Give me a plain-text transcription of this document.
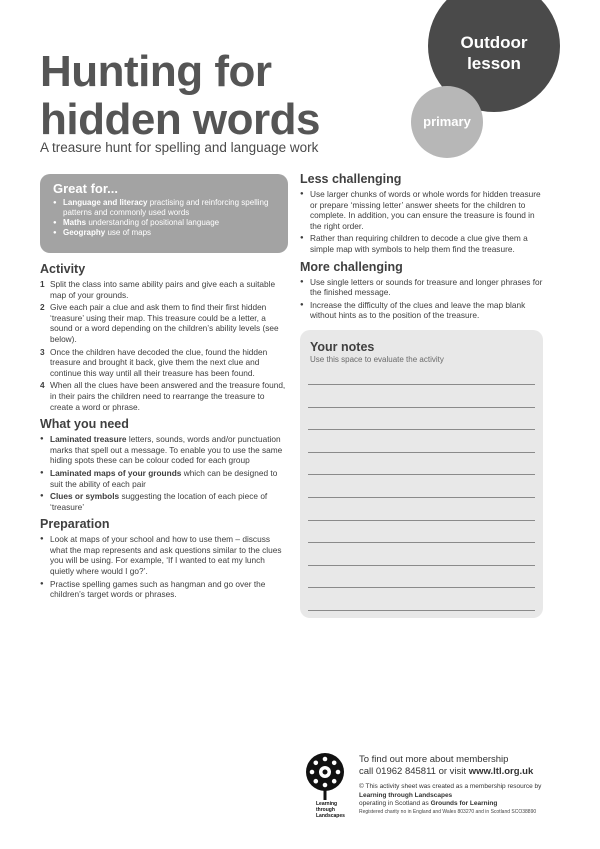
Hunting for
hidden words
A treasure hunt for spelling and language work
Outdoor
lesson
primary
Great for...
● Language and literacy practising and reinforcing spelling patterns and commonly used words
● Maths understanding of positional language
● Geography use of maps
Activity
1 Split the class into same ability pairs and give each a suitable map of your grounds.
2 Give each pair a clue and ask them to find their first hidden ‘treasure’ using their map. This treasure could be a letter, a sound or a word depending on the children’s ability levels (see below).
3 Once the children have decoded the clue, found the hidden treasure and brought it back, give them the next clue and continue this way until all their treasure has been found.
4 When all the clues have been answered and the treasure found, in their pairs the children need to rearrange the treasure to create a word or phrase.
What you need
● Laminated treasure letters, sounds, words and/or punctuation marks that spell out a message. To enable you to use the same hiding spots these can be colour coded for each group
● Laminated maps of your grounds which can be designed to suit the ability of each pair
● Clues or symbols suggesting the location of each piece of ‘treasure’
Preparation
● Look at maps of your school and how to use them – discuss what the map represents and ask questions similar to the clues you will be using. For example, ‘If I wanted to eat my lunch quietly where would I go?’.
● Practise spelling games such as hangman and go over the children’s target words or phrases.
Less challenging
● Use larger chunks of words or whole words for hidden treasure or prepare ‘missing letter’ answer sheets for the children to complete. In addition, you can ensure the treasure is found in the right order.
● Rather than requiring children to decode a clue give them a simple map with symbols to help them find the treasure.
More challenging
● Use single letters or sounds for treasure and longer phrases for the finished message.
● Increase the difficulty of the clues and leave the map blank without hints as to the position of the treasure.
Your notes
Use this space to evaluate the activity
Learning
through
Landscapes
To find out more about membership
call 01962 845811 or visit www.ltl.org.uk
© This activity sheet was created as a membership resource by Learning through Landscapes
operating in Scotland as Grounds for Learning
Registered charity no in England and Wales 803270 and in Scotland SCO38890
